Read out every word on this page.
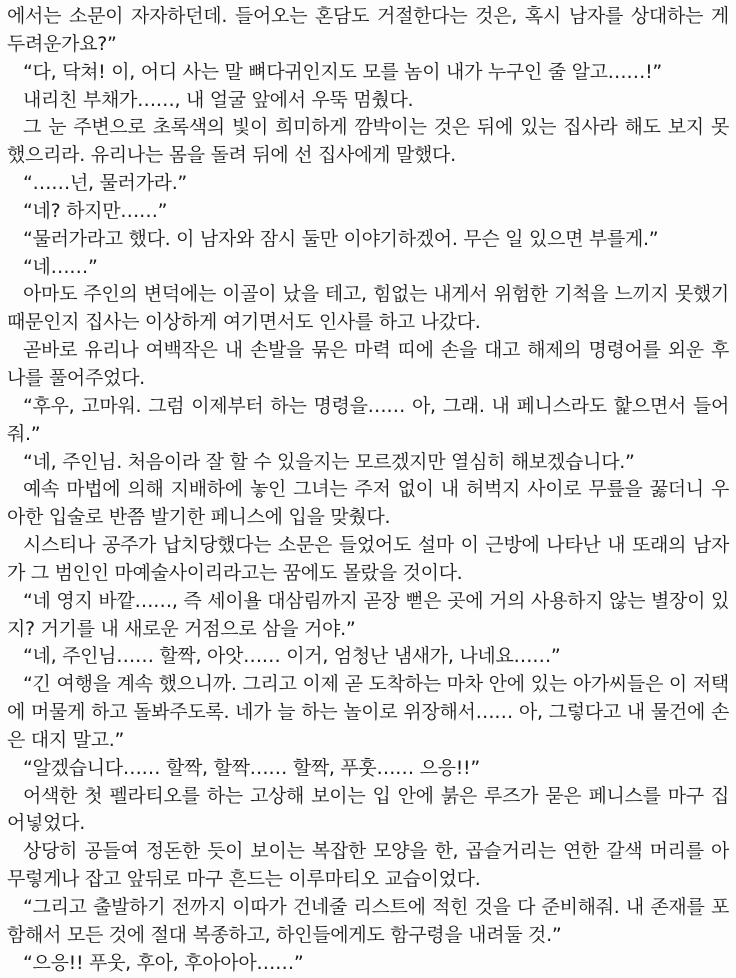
에서는 소문이 자자하던데. 들어오는 혼담도 거절한다는 것은, 혹시 남자를 상대하는 게 두려운가요?”

“다, 닥쳐! 이, 어디 사는 말 뼈다귀인지도 모를 놈이 내가 누구인 줄 알고……!”

내리친 부채가……, 내 얼굴 앞에서 우뚝 멈췄다.

그 눈 주변으로 초록색의 빛이 희미하게 깜박이는 것은 뒤에 있는 집사라 해도 보지 못했으리라. 유리나는 몸을 돌려 뒤에 선 집사에게 말했다.

“……넌, 물러가라.”

“네? 하지만……”

“물러가라고 했다. 이 남자와 잠시 둘만 이야기하겠어. 무슨 일 있으면 부를게.”

“네……”

아마도 주인의 변덕에는 이골이 났을 테고, 힘없는 내게서 위험한 기척을 느끼지 못했기 때문인지 집사는 이상하게 여기면서도 인사를 하고 나갔다.

곧바로 유리나 여백작은 내 손발을 묶은 마력 띠에 손을 대고 해제의 명령어를 외운 후 나를 풀어주었다.

“후우, 고마워. 그럼 이제부터 하는 명령을…… 아, 그래. 내 페니스라도 핥으면서 들어줘.”

“네, 주인님. 처음이라 잘 할 수 있을지는 모르겠지만 열심히 해보겠습니다.”

예속 마법에 의해 지배하에 놓인 그녀는 주저 없이 내 허벅지 사이로 무릎을 꿇더니 우아한 입술로 반쯤 발기한 페니스에 입을 맞췄다.

시스티나 공주가 납치당했다는 소문은 들었어도 설마 이 근방에 나타난 내 또래의 남자가 그 범인인 마예술사이리라고는 꿈에도 몰랐을 것이다.

“네 영지 바깥……, 즉 세이욜 대삼림까지 곧장 뻗은 곳에 거의 사용하지 않는 별장이 있지? 거기를 내 새로운 거점으로 삼을 거야.”

“네, 주인님…… 할짝, 아앗…… 이거, 엄청난 냄새가, 나네요……”

“긴 여행을 계속 했으니까. 그리고 이제 곧 도착하는 마차 안에 있는 아가씨들은 이 저택에 머물게 하고 돌봐주도록. 네가 늘 하는 놀이로 위장해서…… 아, 그렇다고 내 물건에 손은 대지 말고.”

“알겠습니다…… 할짝, 할짝…… 할짝, 푸훗…… 으응!!”

어색한 첫 펠라티오를 하는 고상해 보이는 입 안에 붉은 루즈가 묻은 페니스를 마구 집어넣었다.

상당히 공들여 정돈한 듯이 보이는 복잡한 모양을 한, 곱슬거리는 연한 갈색 머리를 아무렇게나 잡고 앞뒤로 마구 흔드는 이루마티오 교습이었다.

“그리고 출발하기 전까지 이따가 건네줄 리스트에 적힌 것을 다 준비해줘. 내 존재를 포함해서 모든 것에 절대 복종하고, 하인들에게도 함구령을 내려둘 것.”

“으응!! 푸웃, 후아, 후아아아……”
